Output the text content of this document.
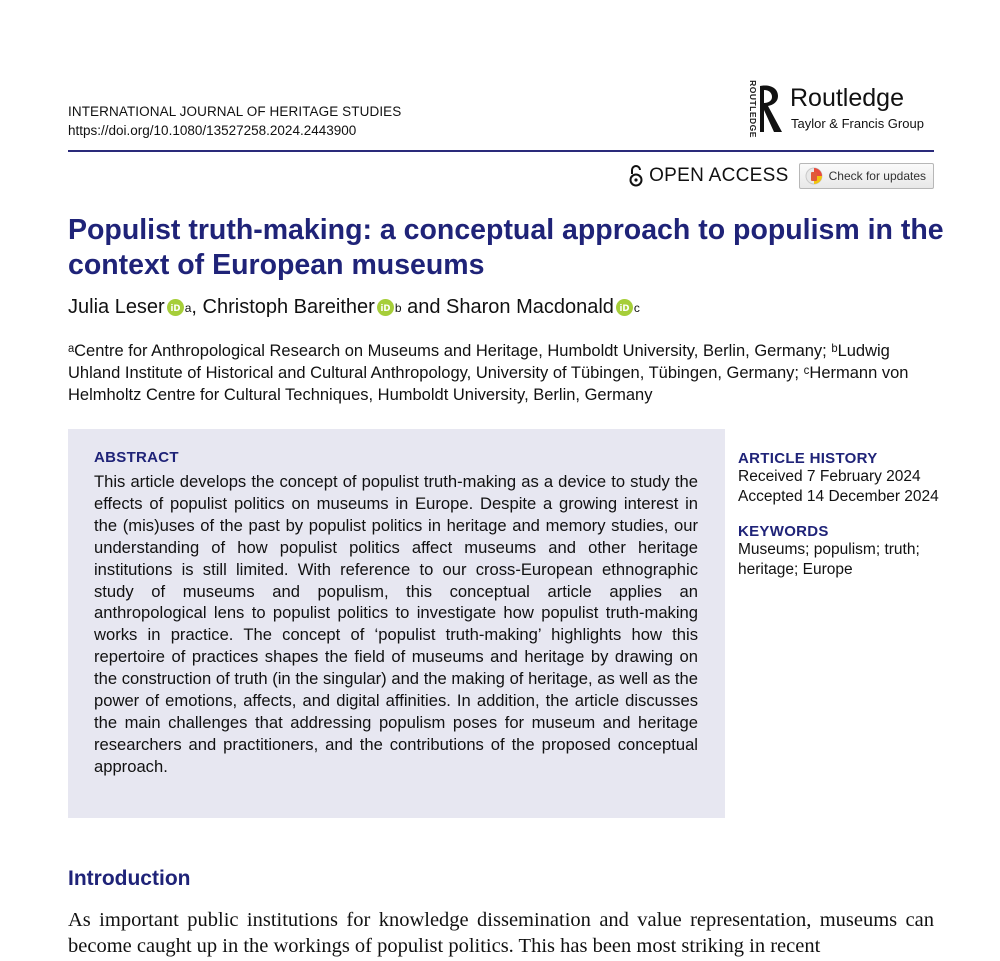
INTERNATIONAL JOURNAL OF HERITAGE STUDIES
https://doi.org/10.1080/13527258.2024.2443900	ROUTLEDGE Routledge
Taylor & Francis Group
OPEN ACCESS	Check for updates
Populist truth-making: a conceptual approach to populism in the context of European museums
Julia Leser iD a , Christoph Bareither iD b and Sharon Macdonald iD c

ᵃCentre for Anthropological Research on Museums and Heritage, Humboldt University, Berlin, Germany; ᵇLudwig Uhland Institute of Historical and Cultural Anthropology, University of Tübingen, Tübingen, Germany; ᶜHermann von Helmholtz Centre for Cultural Techniques, Humboldt University, Berlin, Germany

ABSTRACT

This article develops the concept of populist truth-making as a device to study the effects of populist politics on museums in Europe. Despite a growing interest in the (mis)uses of the past by populist politics in heritage and memory studies, our understanding of how populist politics affect museums and other heritage institutions is still limited. With reference to our cross-European ethnographic study of museums and populism, this conceptual article applies an anthropological lens to populist politics to investigate how populist truth-making works in practice. The concept of ‘populist truth-making’ highlights how this repertoire of practices shapes the field of museums and heritage by drawing on the construction of truth (in the singular) and the making of heritage, as well as the power of emotions, affects, and digital affinities. In addition, the article discusses the main challenges that addressing populism poses for museum and heritage researchers and practitioners, and the contributions of the proposed conceptual approach.

ARTICLE HISTORY

Received 7 February 2024

Accepted 14 December 2024

KEYWORDS

Museums; populism; truth; heritage; Europe

Introduction

As important public institutions for knowledge dissemination and value representation, museums can become caught up in the workings of populist politics. This has been most striking in recent
